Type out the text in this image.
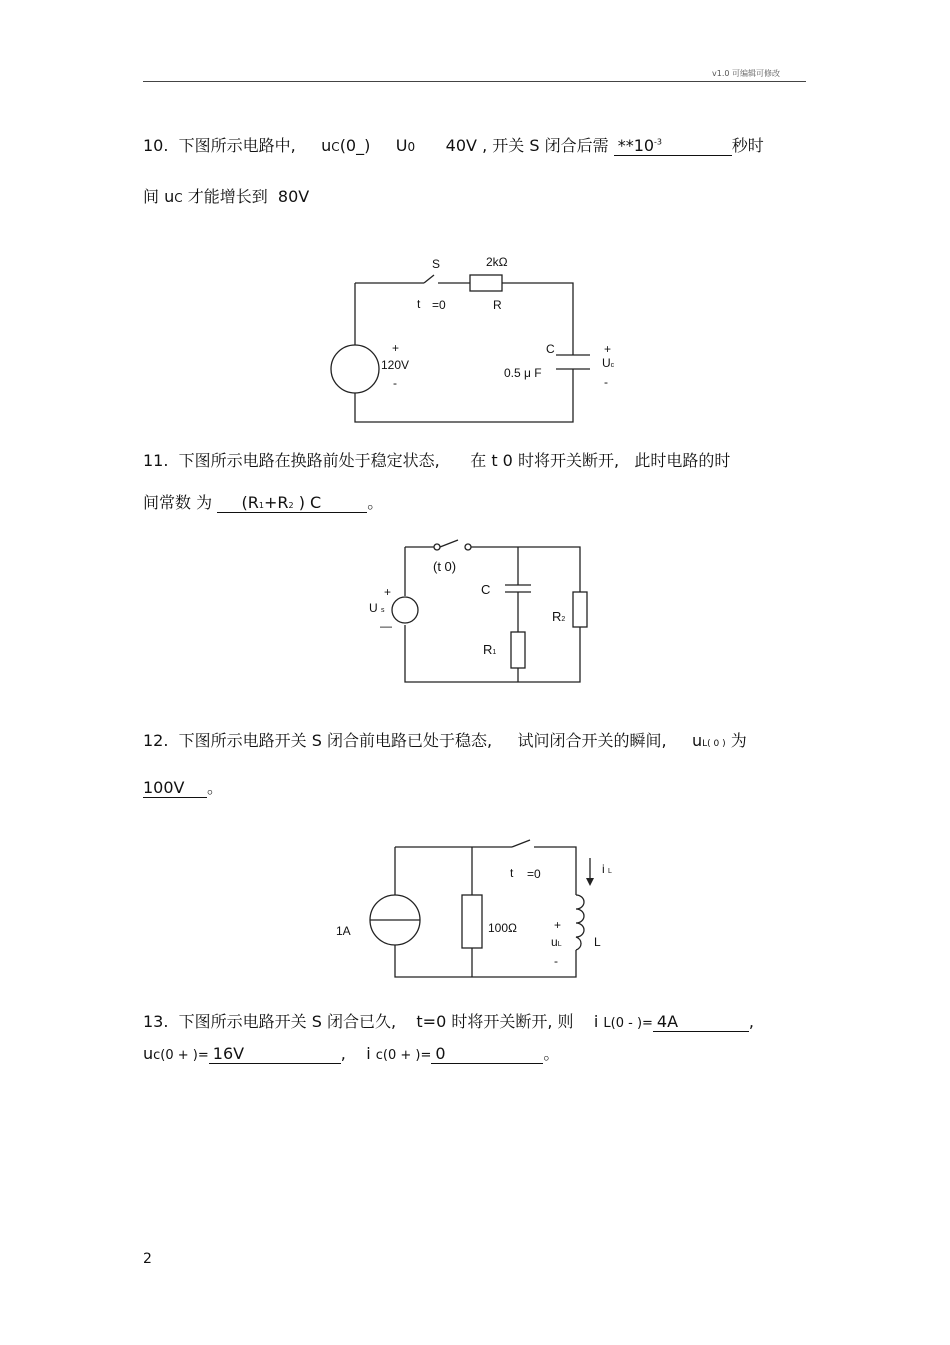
v1.0 可编辑可修改
10. 下图所示电路中, uC(0_) U0 40V , 开关 S 闭合后需 $**10^{-3}$	秒时
间 uC 才能增长到 80V
S	2kΩ
t =0	R
+
120V
-
C
0.5 μ F
+
Uc
-
11. 下图所示电路在换路前处于稳定状态, 在 t 0 时将开关断开, 此时电路的时
间常数 为 (R1+R2 ) C	。
(t 0)
+
U s
—
C
R2
R1
12. 下图所示电路开关 S 闭合前电路已处于稳态, 试问闭合开关的瞬间, uL( 0 ) 为
100V 。
t =0	i L
1A	100Ω	+
uL
-
L
13. 下图所示电路开关 S 闭合已久, t=0 时将开关断开, 则 i L(0 - )= 4A	,
uc(0 + )= 16V	, i c(0 + )= 0	。
2
